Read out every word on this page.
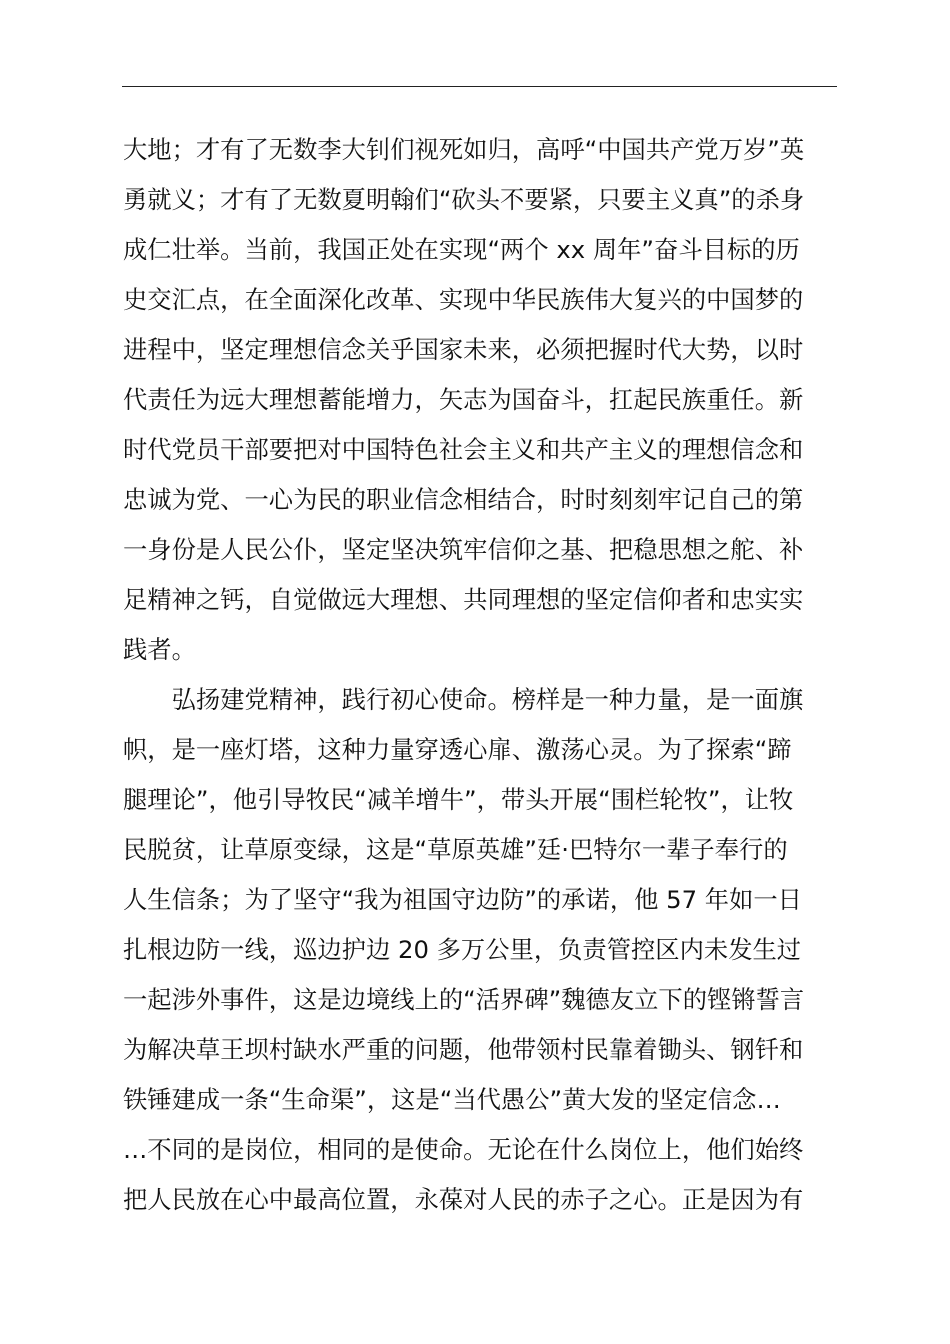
大地；才有了无数李大钊们视死如归，高呼“中国共产党万岁”英
勇就义；才有了无数夏明翰们“砍头不要紧，只要主义真”的杀身
成仁壮举。当前，我国正处在实现“两个 xx 周年”奋斗目标的历
史交汇点，在全面深化改革、实现中华民族伟大复兴的中国梦的
进程中，坚定理想信念关乎国家未来，必须把握时代大势，以时
代责任为远大理想蓄能增力，矢志为国奋斗，扛起民族重任。新
时代党员干部要把对中国特色社会主义和共产主义的理想信念和
忠诚为党、一心为民的职业信念相结合，时时刻刻牢记自己的第
一身份是人民公仆，坚定坚决筑牢信仰之基、把稳思想之舵、补
足精神之钙，自觉做远大理想、共同理想的坚定信仰者和忠实实
践者。
　　弘扬建党精神，践行初心使命。榜样是一种力量，是一面旗
帜，是一座灯塔，这种力量穿透心扉、激荡心灵。为了探索“蹄
腿理论”，他引导牧民“减羊增牛”，带头开展“围栏轮牧”，让牧
民脱贫，让草原变绿，这是“草原英雄”廷·巴特尔一辈子奉行的
人生信条；为了坚守“我为祖国守边防”的承诺，他 57 年如一日
扎根边防一线，巡边护边 20 多万公里，负责管控区内未发生过
一起涉外事件，这是边境线上的“活界碑”魏德友立下的铿锵誓言
为解决草王坝村缺水严重的问题，他带领村民靠着锄头、钢钎和
铁锤建成一条“生命渠”，这是“当代愚公”黄大发的坚定信念…
…不同的是岗位，相同的是使命。无论在什么岗位上，他们始终
把人民放在心中最高位置，永葆对人民的赤子之心。正是因为有
